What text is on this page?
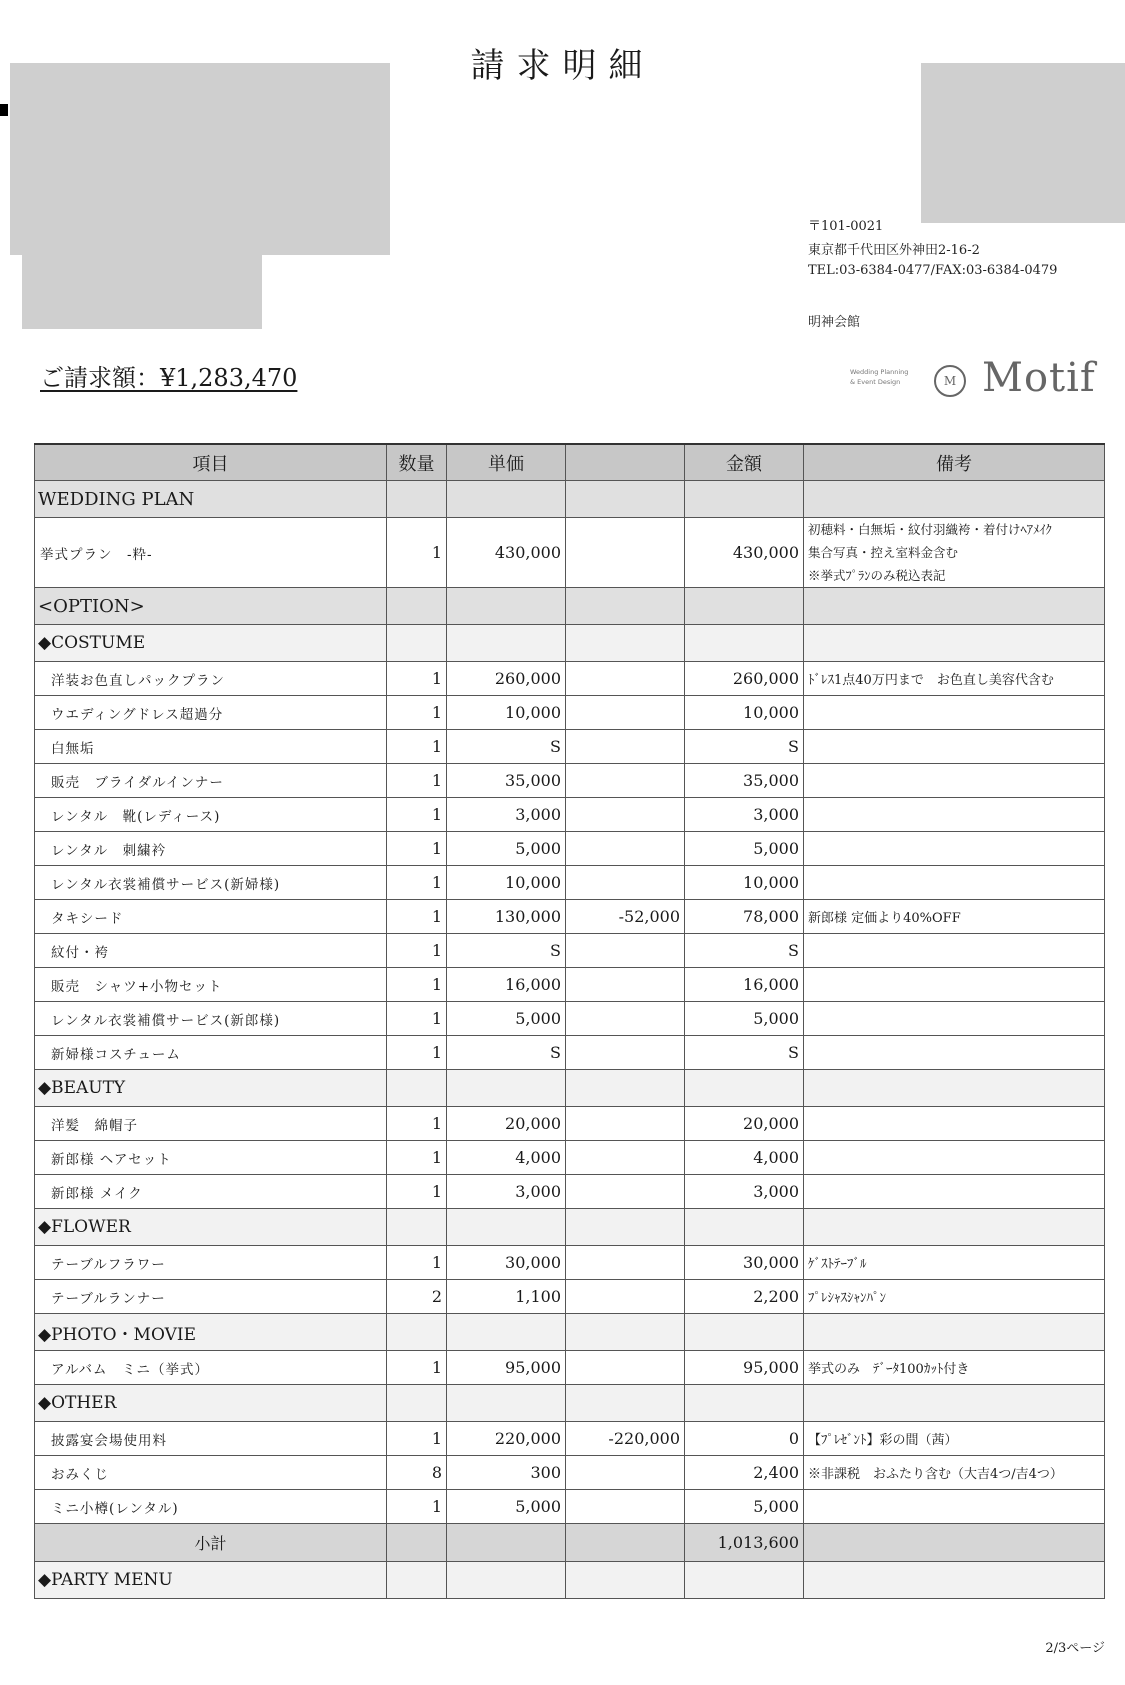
請求明細
〒101-0021
東京都千代田区外神田2-16-2
TEL:03-6384-0477/FAX:03-6384-0479
明神会館
ご請求額：¥1,283,470	Wedding Planning
& Event Design	M Motif
項目	数量	単価		金額	備考
WEDDING PLAN					
挙式プラン　-粋-	1	430,000		430,000	初穂料・白無垢・紋付羽織袴・着付けﾍｱﾒｲｸ
集合写真・控え室料金含む
※挙式ﾌﾟﾗﾝのみ税込表記

<OPTION>					
◆COSTUME					
洋装お色直しパックプラン	1	260,000		260,000	ﾄﾞﾚｽ1点40万円まで　お色直し美容代含む
ウエディングドレス超過分	1	10,000		10,000	
白無垢	1	S		S	
販売　ブライダルインナー	1	35,000		35,000	
レンタル　靴(レディース)	1	3,000		3,000	
レンタル　刺繍衿	1	5,000		5,000	
レンタル衣裳補償サービス(新婦様)	1	10,000		10,000	
タキシード	1	130,000	-52,000	78,000	新郎様 定価より40%OFF
紋付・袴	1	S		S	
販売　シャツ+小物セット	1	16,000		16,000	
レンタル衣裳補償サービス(新郎様)	1	5,000		5,000	
新婦様コスチューム	1	S		S	
◆BEAUTY					
洋髪　綿帽子	1	20,000		20,000	
新郎様 ヘアセット	1	4,000		4,000	
新郎様 メイク	1	3,000		3,000	
◆FLOWER					
テーブルフラワー	1	30,000		30,000	ｹﾞｽﾄﾃｰﾌﾞﾙ
テーブルランナー	2	1,100		2,200	ﾌﾟﾚｼｬｽｼｬﾝﾊﾟﾝ
◆PHOTO・MOVIE					
アルバム　ミニ（挙式）	1	95,000		95,000	挙式のみ　ﾃﾞｰﾀ100ｶｯﾄ付き
◆OTHER					
披露宴会場使用料	1	220,000	-220,000	0	【ﾌﾟﾚｾﾞﾝﾄ】彩の間（茜）
おみくじ	8	300		2,400	※非課税　おふたり含む（大吉4つ/吉4つ）
ミニ小樽(レンタル)	1	5,000		5,000	
小計				1,013,600	
◆PARTY MENU					
2/3ページ
